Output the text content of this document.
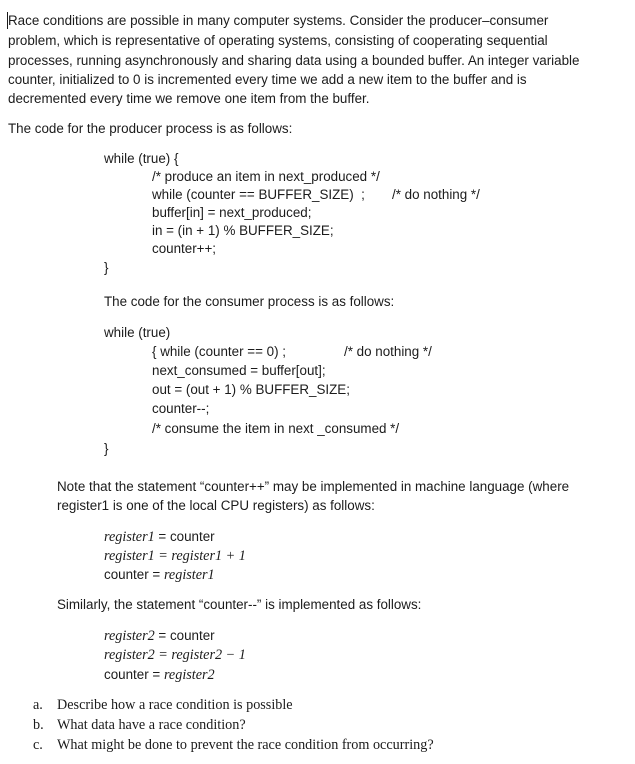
Race conditions are possible in many computer systems. Consider the producer–consumer
problem, which is representative of operating systems, consisting of cooperating sequential
processes, running asynchronously and sharing data using a bounded buffer. An integer variable
counter, initialized to 0 is incremented every time we add a new item to the buffer and is
decremented every time we remove one item from the buffer.
The code for the producer process is as follows:
while (true) {
/* produce an item in next_produced */
while (counter == BUFFER_SIZE)  ; /* do nothing */
buffer[in] = next_produced;
in = (in + 1) % BUFFER_SIZE;
counter++;
}
The code for the consumer process is as follows:
while (true)
{ while (counter == 0) ;	/* do nothing */
next_consumed = buffer[out];
out = (out + 1) % BUFFER_SIZE;
counter--;
/* consume the item in next _consumed */
}
Note that the statement “counter++” may be implemented in machine language (where
register1 is one of the local CPU registers) as follows:
register1 = counter
register1 = register1 + 1
counter = register1
Similarly, the statement “counter--” is implemented as follows:
register2 = counter
register2 = register2 − 1
counter = register2
a. Describe how a race condition is possible
b. What data have a race condition?
c. What might be done to prevent the race condition from occurring?
